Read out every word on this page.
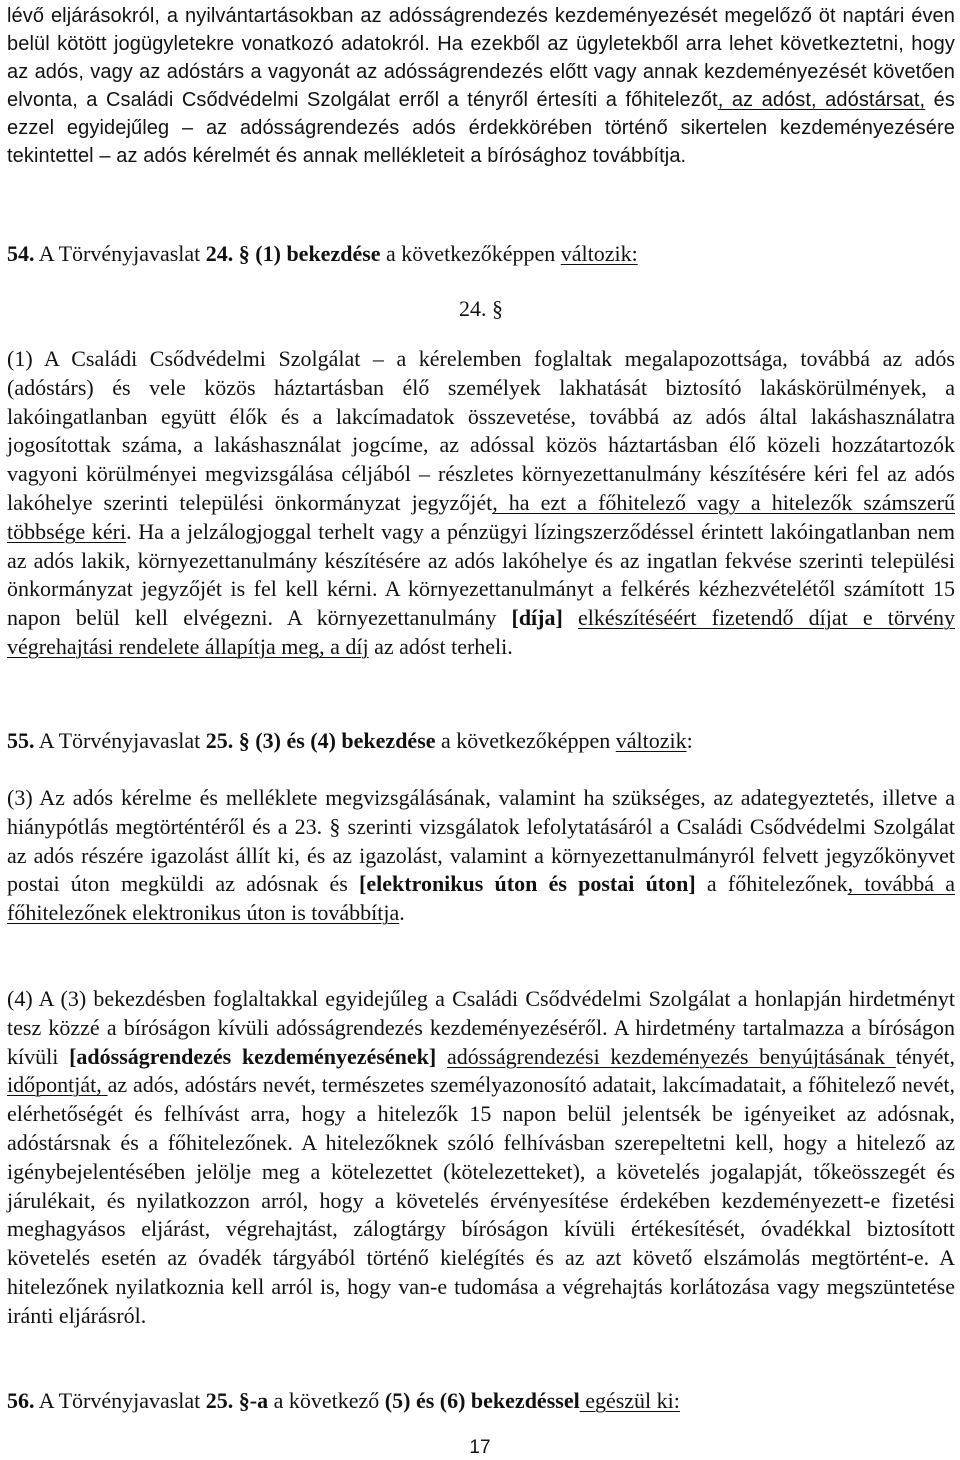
lévő eljárásokról, a nyilvántartásokban az adósságrendezés kezdeményezését megelőző öt naptári éven belül kötött jogügyletekre vonatkozó adatokról. Ha ezekből az ügyletekből arra lehet következtetni, hogy az adós, vagy az adóstárs a vagyonát az adósságrendezés előtt vagy annak kezdeményezését követően elvonta, a Családi Csődvédelmi Szolgálat erről a tényről értesíti a főhitelezőt, az adóst, adóstársat, és ezzel egyidejűleg – az adósságrendezés adós érdekkörében történő sikertelen kezdeményezésére tekintettel – az adós kérelmét és annak mellékleteit a bírósághoz továbbítja.

54. A Törvényjavaslat 24. § (1) bekezdése a következőképpen változik:

24. §

(1) A Családi Csődvédelmi Szolgálat – a kérelemben foglaltak megalapozottsága, továbbá az adós (adóstárs) és vele közös háztartásban élő személyek lakhatását biztosító lakáskörülmények, a lakóingatlanban együtt élők és a lakcímadatok összevetése, továbbá az adós által lakáshasználatra jogosítottak száma, a lakáshasználat jogcíme, az adóssal közös háztartásban élő közeli hozzátartozók vagyoni körülményei megvizsgálása céljából – részletes környezettanulmány készítésére kéri fel az adós lakóhelye szerinti települési önkormányzat jegyzőjét, ha ezt a főhitelező vagy a hitelezők számszerű többsége kéri. Ha a jelzálogjoggal terhelt vagy a pénzügyi lízingszerződéssel érintett lakóingatlanban nem az adós lakik, környezettanulmány készítésére az adós lakóhelye és az ingatlan fekvése szerinti települési önkormányzat jegyzőjét is fel kell kérni. A környezettanulmányt a felkérés kézhezvételétől számított 15 napon belül kell elvégezni. A környezettanulmány [díja] elkészítéséért fizetendő díjat e törvény végrehajtási rendelete állapítja meg, a díj az adóst terheli.

55. A Törvényjavaslat 25. § (3) és (4) bekezdése a következőképpen változik:

(3) Az adós kérelme és melléklete megvizsgálásának, valamint ha szükséges, az adategyeztetés, illetve a hiánypótlás megtörténtéről és a 23. § szerinti vizsgálatok lefolytatásáról a Családi Csődvédelmi Szolgálat az adós részére igazolást állít ki, és az igazolást, valamint a környezettanulmányról felvett jegyzőkönyvet postai úton megküldi az adósnak és [elektronikus úton és postai úton] a főhitelezőnek, továbbá a főhitelezőnek elektronikus úton is továbbítja.

(4) A (3) bekezdésben foglaltakkal egyidejűleg a Családi Csődvédelmi Szolgálat a honlapján hirdetményt tesz közzé a bíróságon kívüli adósságrendezés kezdeményezéséről. A hirdetmény tartalmazza a bíróságon kívüli [adósságrendezés kezdeményezésének] adósságrendezési kezdeményezés benyújtásának tényét, időpontját, az adós, adóstárs nevét, természetes személyazonosító adatait, lakcímadatait, a főhitelező nevét, elérhetőségét és felhívást arra, hogy a hitelezők 15 napon belül jelentsék be igényeiket az adósnak, adóstársnak és a főhitelezőnek. A hitelezőknek szóló felhívásban szerepeltetni kell, hogy a hitelező az igénybejelentésében jelölje meg a kötelezettet (kötelezetteket), a követelés jogalapját, tőkeösszegét és járulékait, és nyilatkozzon arról, hogy a követelés érvényesítése érdekében kezdeményezett-e fizetési meghagyásos eljárást, végrehajtást, zálogtárgy bíróságon kívüli értékesítését, óvadékkal biztosított követelés esetén az óvadék tárgyából történő kielégítés és az azt követő elszámolás megtörtént-e. A hitelezőnek nyilatkoznia kell arról is, hogy van-e tudomása a végrehajtás korlátozása vagy megszüntetése iránti eljárásról.

56. A Törvényjavaslat 25. §-a a következő (5) és (6) bekezdéssel egészül ki:

17
